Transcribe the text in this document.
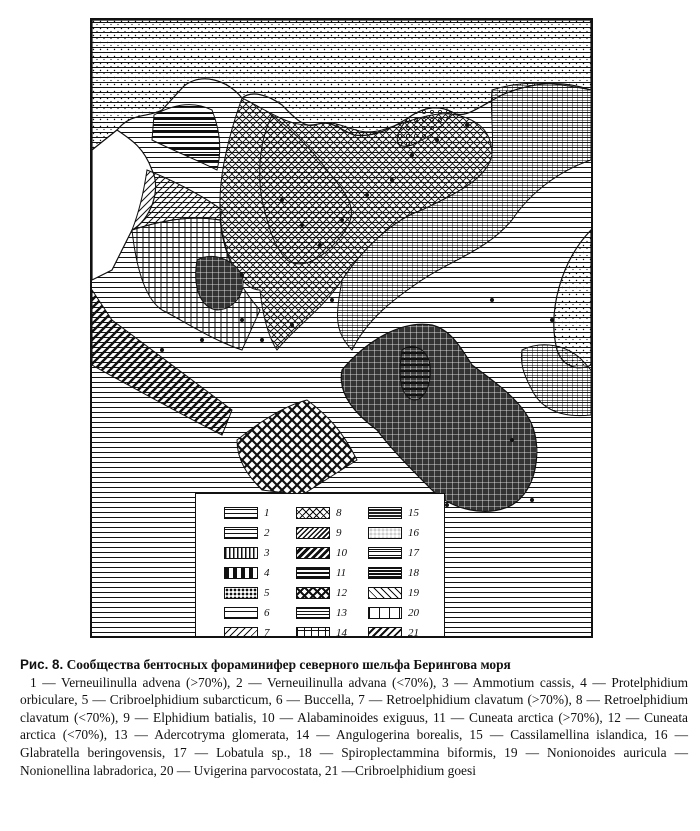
1
2
3
4
5
6
7
8
9
10
11
12
13
14
15
16
17
18
19
20
21
Рис. 8. Сообщества бентосных фораминифер северного шельфа Берингова моря
1 — Verneuilinulla advena (>70%), 2 — Verneuilinulla advana (<70%), 3 — Ammotium cassis, 4 — Protelphidium orbiculare, 5 — Cribroelphidium subarcticum, 6 — Buccella, 7 — Retroelphidium clavatum (>70%), 8 — Retroelphidium clavatum (<70%), 9 — Elphidium batialis, 10 — Alabaminoides exiguus, 11 — Cuneata arctica (>70%), 12 — Cuneata arctica (<70%), 13 — Adercotryma glomerata, 14 — Angulogerina borealis, 15 — Cassilamellina islandica, 16 — Glabratella beringovensis, 17 — Lobatula sp., 18 — Spiroplectammina biformis, 19 — Nonionoides auricula — Nonionellina labradorica, 20 — Uvigerina parvocostata, 21 —Cribroelphidium goesi
